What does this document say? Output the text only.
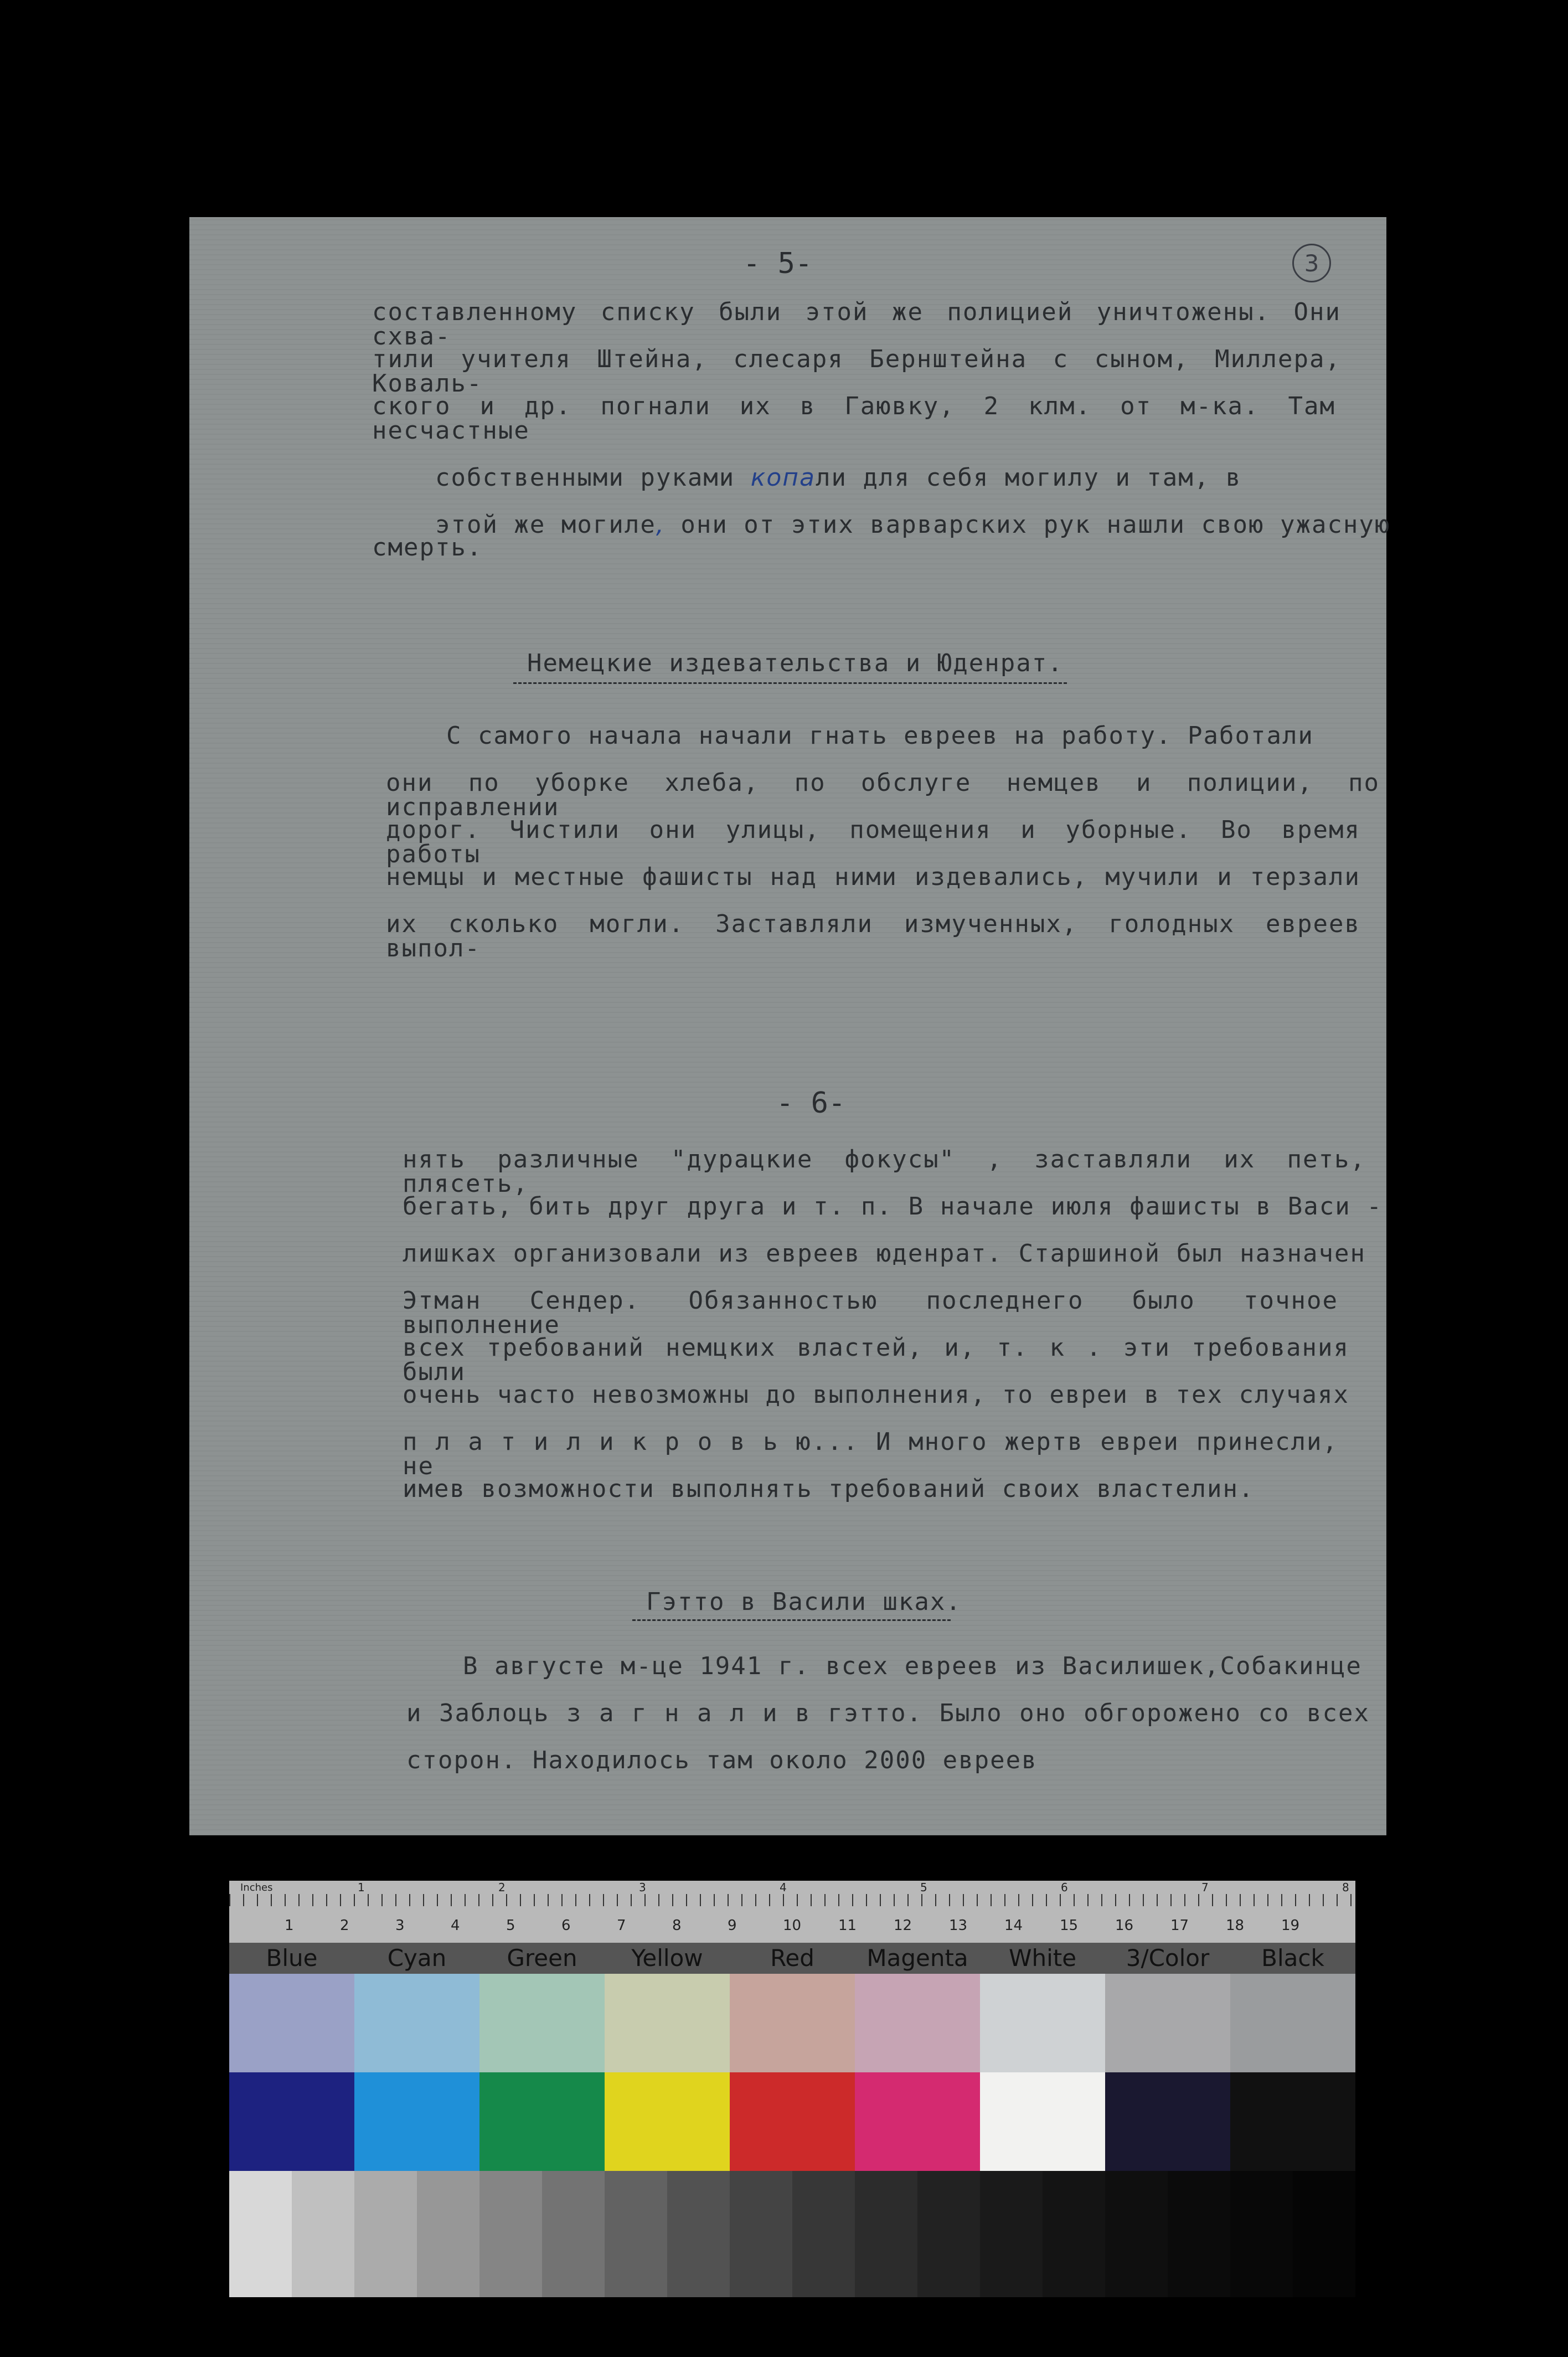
- 5-	3
составленному списку были этой же полицией уничтожены. Они схва-
тили учителя Штейна, слесаря Бернштейна с сыном, Миллера, Коваль-
ского и др. погнали их в Гаювку, 2 клм. от м-ка. Там несчастные

собственными руками копали для себя могилу и там, в

этой же могиле, они от этих варварских рук нашли свою ужасную

смерть.
Немецкие издевательства и Юденрат.
С самого начала начали гнать евреев на работу. Работали
они по уборке хлеба, по обслуге немцев и полиции, по исправлении
дорог. Чистили они улицы, помещения и уборные. Во время работы
немцы и местные фашисты над ними издевались, мучили и терзали
их сколько могли. Заставляли измученных, голодных евреев выпол-
- 6-
нять различные "дурацкие фокусы" , заставляли их петь, плясеть,
бегать, бить друг друга и т. п. В начале июля фашисты в Васи -
лишках организовали из евреев юденрат. Старшиной был назначен
Этман Сендер. Обязанностью последнего было точное выполнение
всех требований немцких властей, и, т. к . эти требования были
очень часто невозможны до выполнения, то евреи в тех случаях
п л а т и л и к р о в ь ю... И много жертв евреи принесли, не
имев возможности выполнять требований своих властелин.
Гэтто в Васили шках.
В августе м-це 1941 г. всех евреев из Василишек,Собакинце
и Заблоць з а г н а л и в гэтто. Было оно обгорожено со всех
сторон. Находилось там около 2000 евреев
Inches	1	2	3	4	5	6	7	8
1	2	3	4	5	6	7	8	9	10	11	12	13	14	15	16	17	18	19
Blue	Cyan	Green	Yellow	Red	Magenta	White	3/Color	Black
